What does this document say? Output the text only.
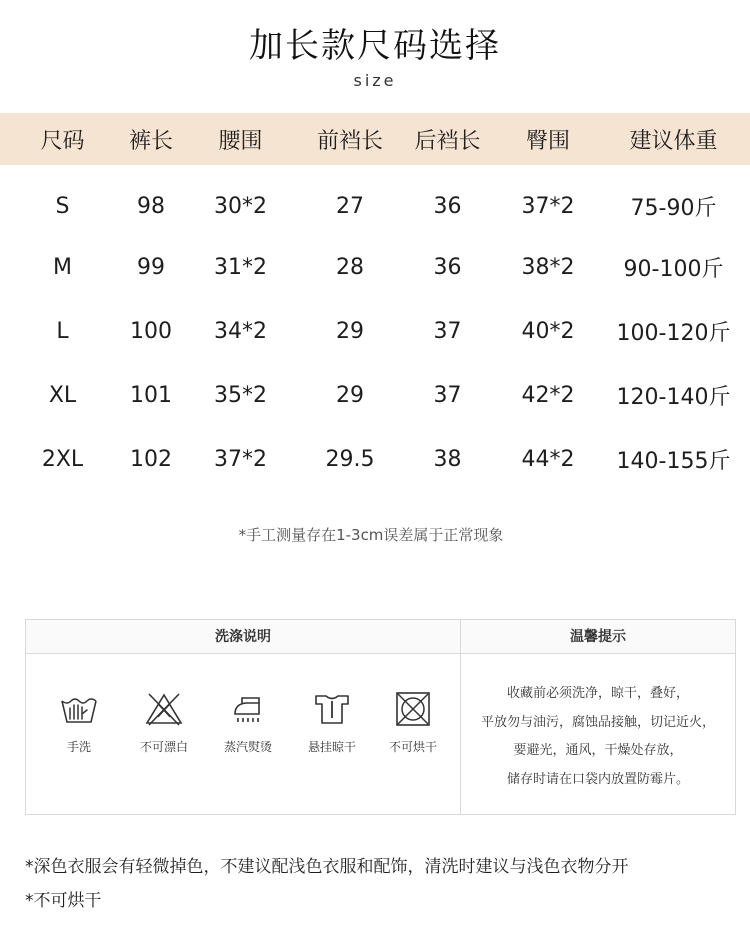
加长款尺码选择
size
尺码	裤长	腰围	前裆长	后裆长	臀围	建议体重
S	98	30*2	27	36	37*2	75-90斤
M	99	31*2	28	36	38*2	90-100斤
L	100	34*2	29	37	40*2	100-120斤
XL	101	35*2	29	37	42*2	120-140斤
2XL	102	37*2	29.5	38	44*2	140-155斤
*手工测量存在1-3cm误差属于正常现象
洗涤说明	温馨提示
手洗	不可漂白	蒸汽熨烫	悬挂晾干	不可烘干
收藏前必须洗净，晾干，叠好，
平放勿与油污，腐蚀品接触，切记近火，
要避光，通风，干燥处存放，
储存时请在口袋内放置防霉片。
*深色衣服会有轻微掉色，不建议配浅色衣服和配饰，清洗时建议与浅色衣物分开
*不可烘干
